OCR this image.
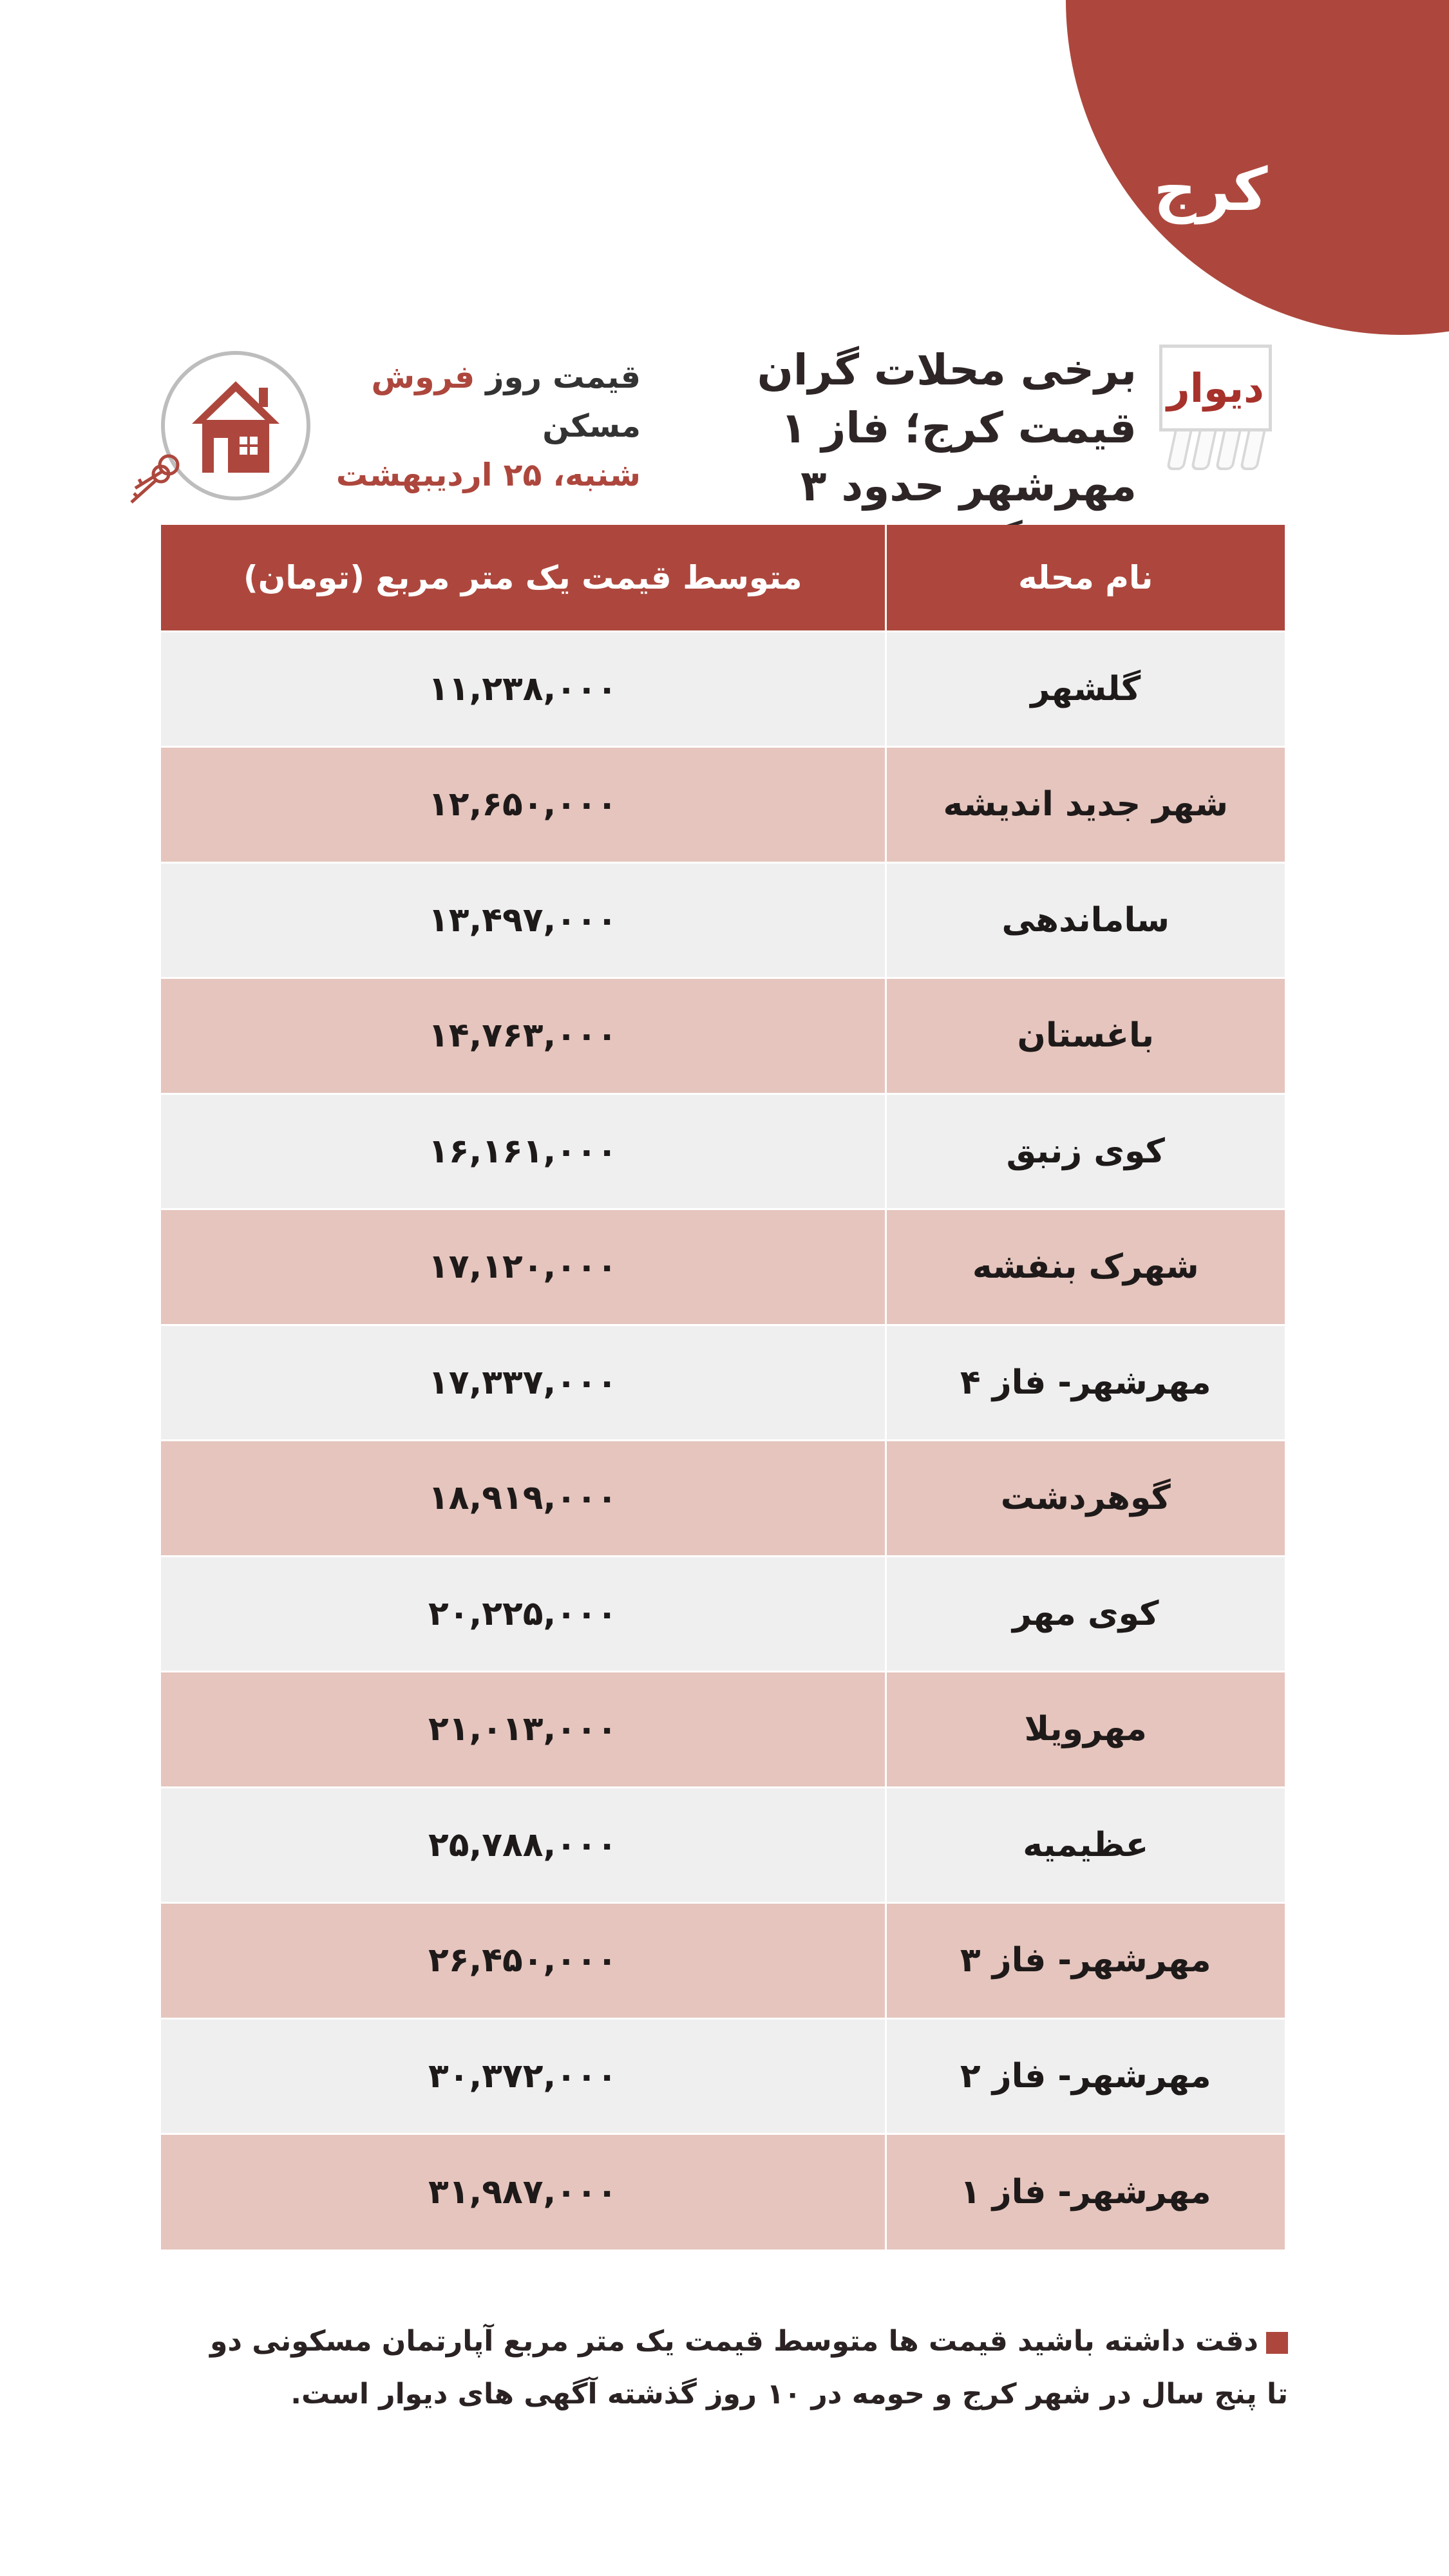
کرج
دیوار
برخی محلات گران قیمت کرج؛ فاز ۱ مهرشهر حدود ۳
قیمت روز فروش مسکن
شنبه، ۲۵ اردیبهشت
نام محله	متوسط قیمت یک متر مربع (تومان)
گلشهر	۱۱,۲۳۸,۰۰۰
شهر جدید اندیشه	۱۲,۶۵۰,۰۰۰
ساماندهی	۱۳,۴۹۷,۰۰۰
باغستان	۱۴,۷۶۳,۰۰۰
کوی زنبق	۱۶,۱۶۱,۰۰۰
شهرک بنفشه	۱۷,۱۲۰,۰۰۰
مهرشهر- فاز ۴	۱۷,۳۳۷,۰۰۰
گوهردشت	۱۸,۹۱۹,۰۰۰
کوی مهر	۲۰,۲۲۵,۰۰۰
مهرویلا	۲۱,۰۱۳,۰۰۰
عظیمیه	۲۵,۷۸۸,۰۰۰
مهرشهر- فاز ۳	۲۶,۴۵۰,۰۰۰
مهرشهر- فاز ۲	۳۰,۳۷۲,۰۰۰
مهرشهر- فاز ۱	۳۱,۹۸۷,۰۰۰
دقت داشته باشید قیمت ها متوسط قیمت یک متر مربع آپارتمان مسکونی دو تا پنج سال در شهر کرج و حومه در ۱۰ روز گذشته آگهی های دیوار است.
